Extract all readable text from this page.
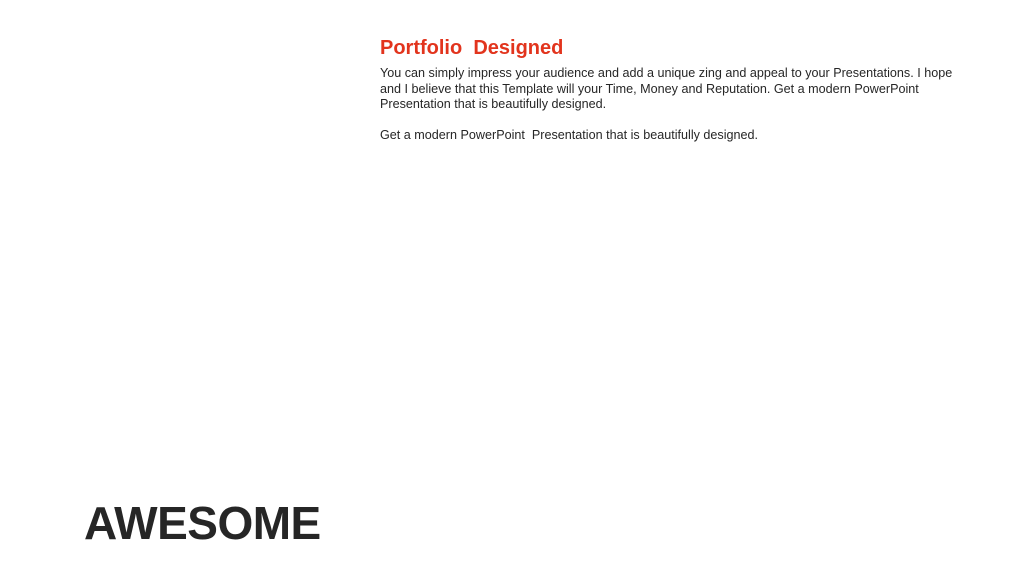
Portfolio  Designed

You can simply impress your audience and add a unique zing and appeal to your Presentations. I hope and I believe that this Template will your Time, Money and Reputation. Get a modern PowerPoint Presentation that is beautifully designed.

Get a modern PowerPoint  Presentation that is beautifully designed.

AWESOME
